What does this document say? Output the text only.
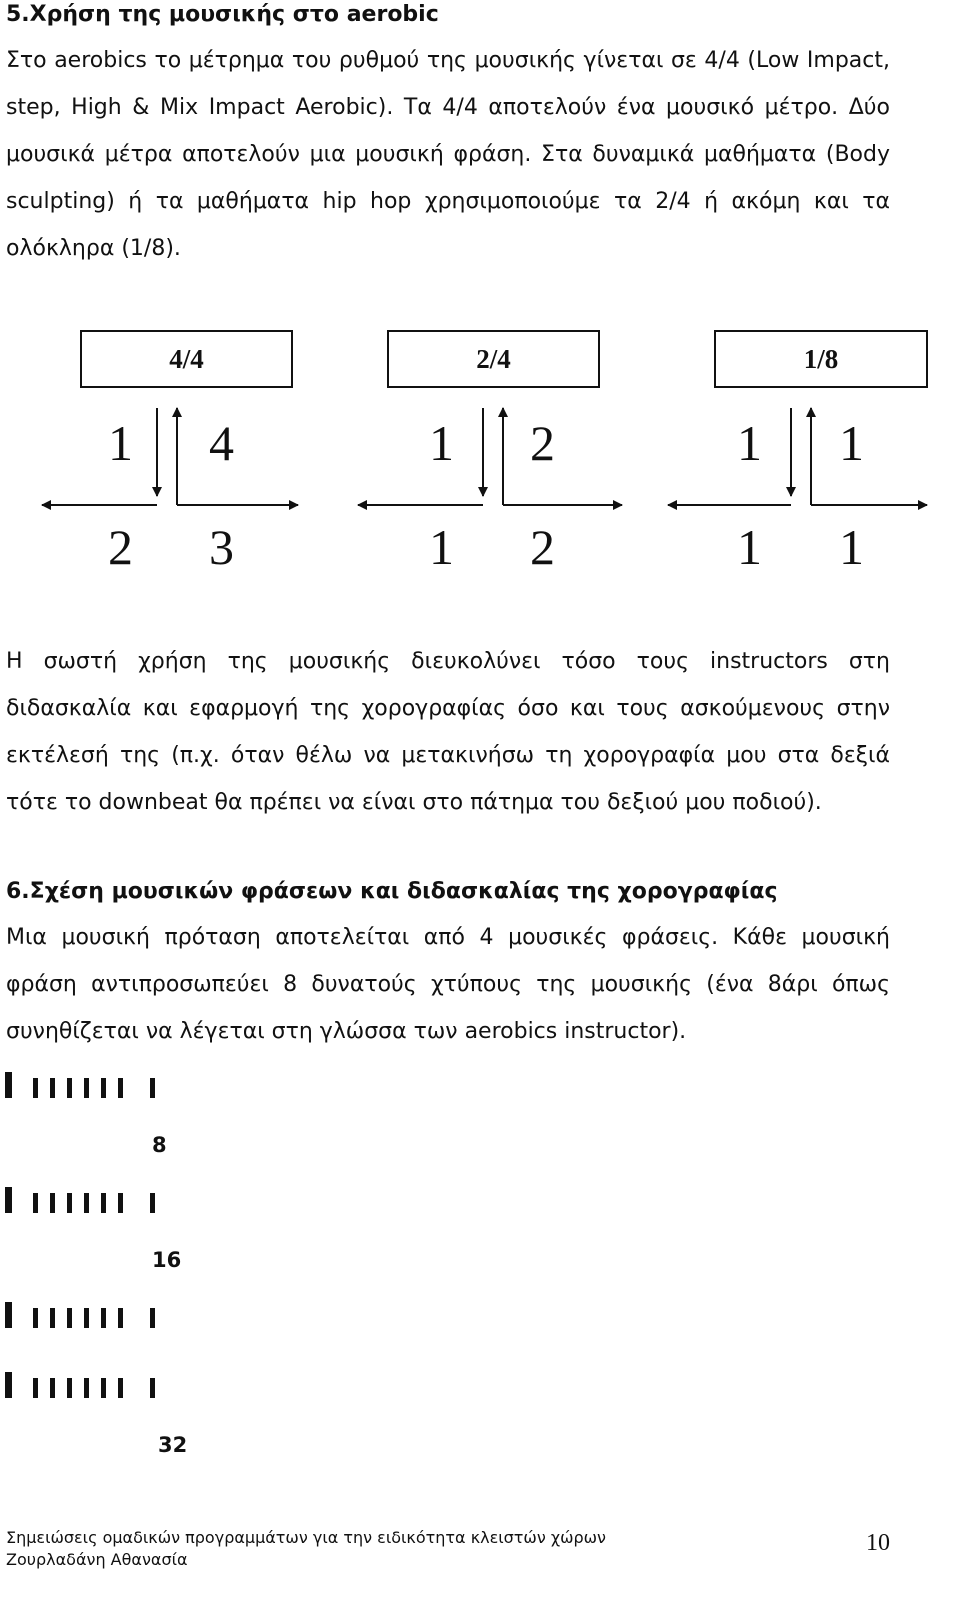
5.Χρήση της μουσικής στο aerobic
Στο aerobics το μέτρημα του ρυθμού της μουσικής γίνεται σε 4/4 (Low Impact, step, High & Mix Impact Aerobic). Τα 4/4 αποτελούν ένα μουσικό μέτρο. Δύο μουσικά μέτρα αποτελούν μια μουσική φράση. Στα δυναμικά μαθήματα (Body sculpting) ή τα μαθήματα hip hop χρησιμοποιούμε τα 2/4 ή ακόμη και τα ολόκληρα (1/8).
4/4	2/4	1/8
1 4
2 3
1 2
1 2
1 1
1 1
Η σωστή χρήση της μουσικής διευκολύνει τόσο τους instructors στη διδασκαλία και εφαρμογή της χορογραφίας όσο και τους ασκούμενους στην εκτέλεσή της (π.χ. όταν θέλω να μετακινήσω τη χορογραφία μου στα δεξιά τότε το downbeat θα πρέπει να είναι στο πάτημα του δεξιού μου ποδιού).
6.Σχέση μουσικών φράσεων και διδασκαλίας της χορογραφίας
Μια μουσική πρόταση αποτελείται από 4 μουσικές φράσεις. Κάθε μουσική φράση αντιπροσωπεύει 8 δυνατούς χτύπους της μουσικής (ένα 8άρι όπως συνηθίζεται να λέγεται στη γλώσσα των aerobics instructor).
8
16
32
Σημειώσεις ομαδικών προγραμμάτων για την ειδικότητα κλειστών χώρων
Ζουρλαδάνη Αθανασία
10
